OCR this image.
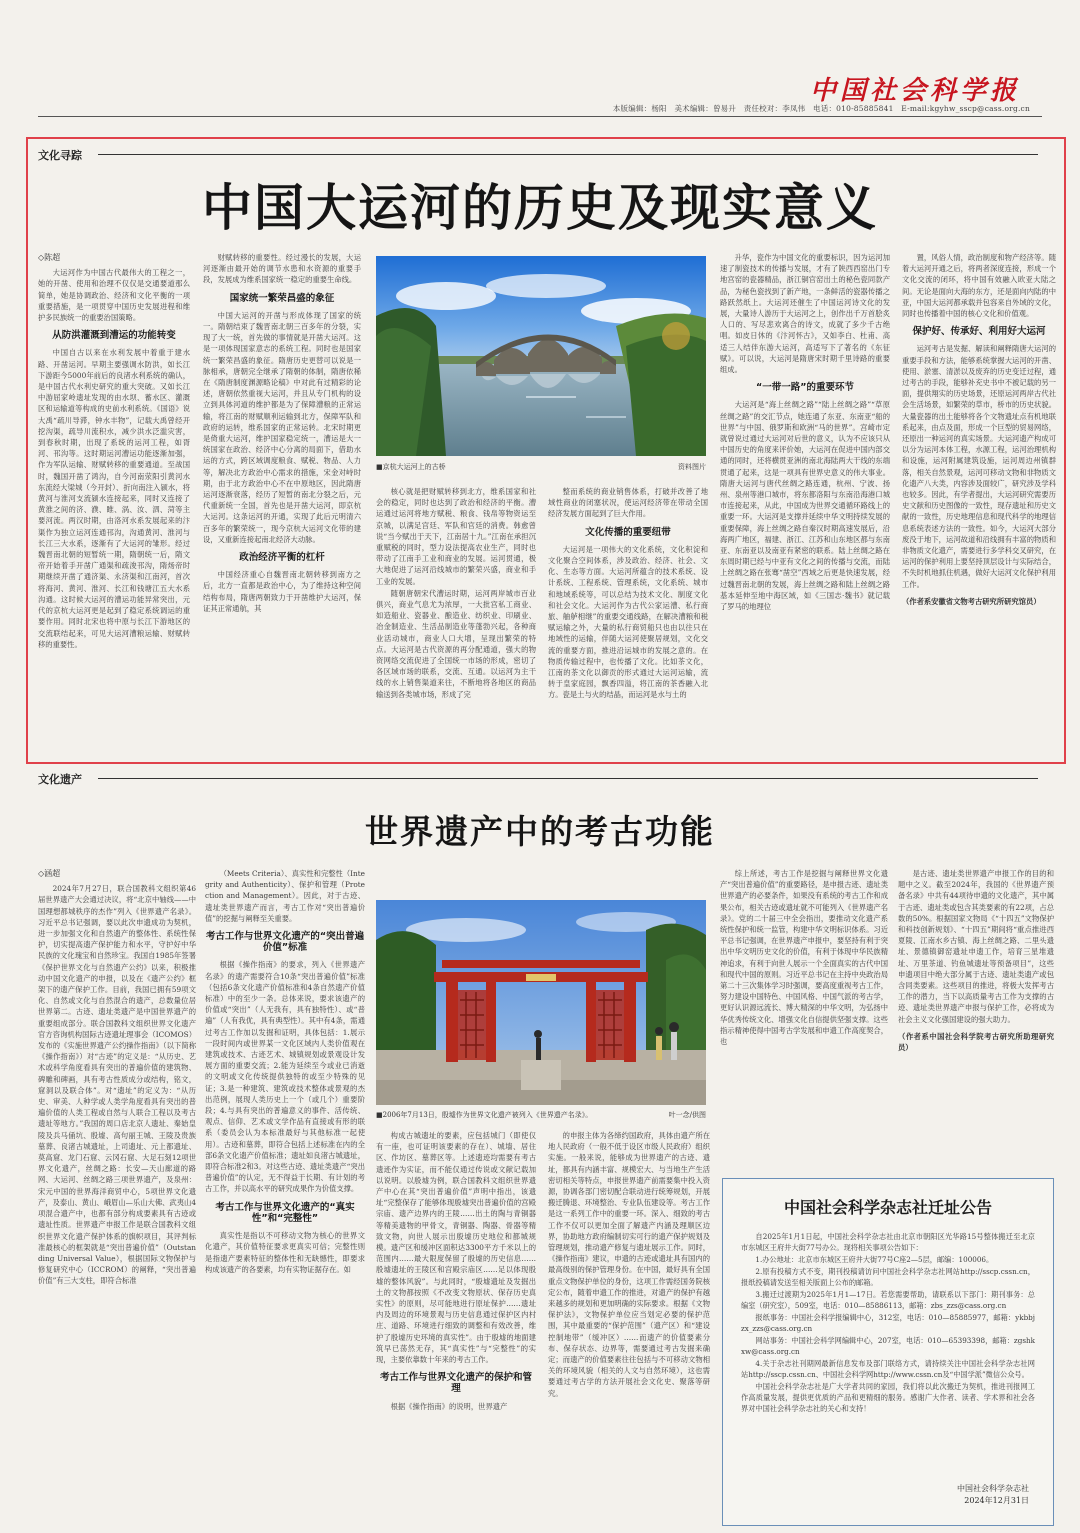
中国社会科学报
本版编辑：杨阳　美术编辑：曾易升　责任校对：李凤伟　电话：010-85885841　E-mail:kgyhw_sscp@cass.org.cn
文化寻踪
中国大运河的历史及现实意义
◇陈超

大运河作为中国古代最伟大的工程之一，她的开凿、使用和治理不仅仅是交通要道那么简单，她是协调政治、经济和文化平衡的一项重要措施，是一项贯穿中国历史发展进程和维护多民族统一的重要治国策略。

从防洪灌溉到漕运的功能转变

中国自古以来在水利发展中着重于建水路、开凿运河。早期主要强调水防洪，如长江下游距今5000年前后的良渚水利系统的确认，是中国古代水利史研究的重大突破。又如长江中游屈家岭遗址发现的由水坝、蓄水区、灌溉区和运输道等构成的史前水利系统。《国语》说大禹“疏川导滞，钟水丰物”，记载大禹曾经开挖沟渠，疏导川流积水，减少洪水泛滥灾害，到春秋时期，出现了系统的运河工程，如胥河、邗沟等。这时期运河漕运功能逐渐加强，作为军队运输、财赋转移的重要通道。至战国时，魏国开凿了鸿沟，自今河南荥阳引黄河水东流经大梁城（今开封）、折向南注入颍水，将黄河与淮河支流颍水连接起来，同时又连接了黄淮之间的济、濮、睢、涡、汝、泗、菏等主要河流。两汉时期，由洛河水系发展起来的汴渠作为独立运河连通邗沟，沟通黄河、淮河与长江三大水系，逐渐有了大运河的雏形。经过魏晋南北朝的短暂统一期，隋朝统一后，隋文帝开始着手开凿广通渠和疏浚邗沟，隋炀帝时期继续开凿了通济渠、永济渠和江南河，首次将海河、黄河、淮河、长江和钱塘江五大水系沟通。这时候大运河的漕运功能异常突出，元代的京杭大运河更是起到了稳定系统调运的重要作用。同时北宋也将中原与长江下游地区的交流联结起来，可见大运河漕粮运输、财赋转移的重要性。

财赋转移的重要性。经过漫长的发展，大运河逐渐由最开始的调节水患和水资源的重要手段，发展成为维系国家统一稳定的重要生命线。

国家统一繁荣昌盛的象征

中国大运河的开凿与形成体现了国家的统一。隋朝结束了魏晋南北朝三百多年的分裂，实现了大一统，首先做的事情就是开凿大运河。这是一项体现国家意志的系统工程。同时也是国家统一繁荣昌盛的象征。隋唐历史更替可以说是一脉相承，唐朝完全继承了隋朝的体制，隋唐依稀在《隋唐制度渊源略论稿》中对此有过精彩的论述，唐朝依然重视大运河，并且从专门机构的设立到具体河道的维护都是为了保障漕粮的正常运输，将江南的财赋顺利运输到北方，保障军队和政府的运转，维系国家的正常运转。北宋时期更是倚重大运河，维护国家稳定统一，漕运是大一统国家在政治、经济中心分离的局面下，借助水运的方式，跨区域调度粮食、赋税、物品、人力等，解决北方政治中心需求的措施，宋金对峙时期，由于北方政治中心不在中原地区，因此隋唐运河逐渐衰落，经历了短暂的南北分裂之后，元代重新统一全国，首先也是开凿大运河，即京杭大运河。这条运河的开通，实现了此后元明清六百多年的繁荣统一，现今京杭大运河文化带的建设，又重新连接起南北经济大动脉。

政治经济平衡的杠杆

中国经济重心自魏晋南北朝转移到南方之后，北方一直都是政治中心，为了维持这种空间结构布局，隋唐两朝致力于开凿维护大运河，保证其正常通航，其

■京杭大运河上的古桥	资料图片

核心就是把财赋转移到北方，维系国家和社会的稳定，同时也达到了政治和经济的平衡。漕运通过运河将地方赋税、粮食、钱帛等物资运至京城，以满足宫廷、军队和官廷的消费。韩愈曾说“当今赋出于天下，江南居十九。”江南在承担沉重赋税的同时，型力设法提高农业生产，同时也带动了江南手工业和商业的发展。运河贯通，极大地促进了运河沿线城市的繁荣兴盛，商业和手工业的发展。

随朝唐朝宋代漕运时期，运河两岸城市百业俱兴，商业气息尤为浓厚，一大批宫私工商业、如造船业、瓷器业、酿造业、纺织业、印刷业、冶金制造业、生活品制造业等蓬勃兴起，各种商业活动城市，商业人口大增，呈现出繁荣的特点。大运河是古代资源的再分配通道，强大的物资网络交流促进了全国统一市场的形成，密切了各区域市场的联系，交流、互通。以运河为主干线的水上销售渠道来往，不断地将各地区的商品输送到各类城市场，形成了完

整而系统的商业销售体系，打破并改善了地域性商业的闭塞状况，使运河经济带在带动全国经济发展方面起到了巨大作用。

文化传播的重要纽带

大运河是一项伟大的文化系统，文化积淀和文化聚合空间体系，涉及政治、经济、社会、文化、生态等方面。大运河所蕴含的技术系统、设计系统、工程系统、管理系统，文化系统、城市和地域系统等，可以总结为技术文化、制度文化和社会文化。大运河作为古代公家运漕、私行商旅、舳舻相继”的重要交通线路，在解决漕粮和税赋运输之外，大量的私行商贸船只也由以往只在地域性的运输，伴随大运河使聚居规划，文化交流的重要方面，推进沿运城市的发展之意的。在物质传输过程中，也传播了文化。比如茶文化，江南的茶文化以御贡的形式通过大运河运输，流转于皇家庭园，飘香四溢，将江南的茶香融入北方。瓷是土与火的结晶，而运河是水与土的

升华，瓷作为中国文化的重要标识，因为运河加速了制瓷技术的传播与发展，才有了陕西西窑出门专地宫窑的瓷器精品，浙江铜官窑出土的秘色瓷同款产品，为秘色瓷找到了新产地，一条鲜活的瓷器传播之路跃然纸上。大运河还催生了中国运河诗文化的发展，大量诗人游历于大运河之上，创作出千万首脍炙人口的、写尽悲欢离合的诗文，成就了多少千古绝唱。如皮日休的《汴河怀古》，又如李白、杜甫、高适三人结伴东游大运河，高适写下了著名的《东征赋》。可以说，大运河是隋唐宋时期千里诗路的重要组成。

“一带一路”的重要环节

大运河是“海上丝绸之路”“陆上丝绸之路”“草原丝绸之路”的交汇节点，她连通了东亚、东南亚“船的世界”与中国、俄罗斯和欧洲“马的世界”。宫崎市定就曾说过通过大运河对后世的意义，认为不应该只从中国历史的角度来评价她，大运河在促进中国内部交通的同时，还将横贯亚洲的南北海陆两大干线的东端贯通了起来，这是一项具有世界史意义的伟大事业。隋唐大运河与唐代丝绸之路连通，杭州、宁波、扬州、泉州等港口城市，将东都洛阳与东南沿海港口城市连接起来，从此，中国成为世界交通循环路线上的重要一环。大运河是支撑并延续中华文明持续发展的重要保障，海上丝绸之路自秦汉时期高速发展后，沿海两广地区，福建、浙江、江苏和山东地区都与东南亚、东南亚以及南亚有紧密的联系。陆上丝绸之路在东周时期已经与中亚有文化之间的传播与交流，而陆上丝绸之路在张骞“凿空”西域之后更是快速发展，经过魏晋南北朝的发展，海上丝绸之路和陆上丝绸之路基本延伸至地中海区域，如《三国志·魏书》就记载了罗马的地理位

置，风俗人情，政治制度和物产经济等。随着大运河开通之后，将两者深度连接，形成一个文化交流的闭环，将中国有效融入欧亚大陆之间。无论是面向大海的东方，还是面向内陆的中亚，中国大运河都承载并包容来自外域的文化，同时也传播着中国的核心文化和价值观。

保护好、传承好、利用好大运河

运河考古是发掘、解读和阐释隋唐大运河的重要手段和方法，能够系统掌握大运河的开凿、使用、淤塞、清淤以及废弃的历史变迁过程，通过考古的手段，能够补充史书中不被记载的另一面，提供翔实的历史场景，还原运河两岸古代社会生活场景，如繁荣的草市，桥市的历史状貌。大量瓷器的出土能够将各个文物遗址点有机地联系起来，由点及面，形成一个巨型的贸易网络，还原出一种运河的真实场景。大运河遗产构成可以分为运河本体工程，水源工程，运河治理机构和设施，运河附属建筑设施，运河周边州镇群落，相关自然景观，运河可移动文物和非物质文化遗产八大类，内容涉及面较广，研究涉及学科也较多。因此，有学者提出，大运河研究需要历史文献和历史图像的一致性，现存遗址和历史文献的一致性，历史地理信息和现代科学的地理信息系统表述方法的一致性。如今，大运河大部分废没于地下，运河故道和沿线拥有丰富的物质和非物质文化遗产，需要进行多学科交叉研究，在运河的保护利用上要坚持顶层设计与实际结合，不失时机地抓住机遇，做好大运河文化保护利用工作。

（作者系安徽省文物考古研究所研究馆员）
文化遗产
世界遗产中的考古功能
◇涵超

2024年7月27日，联合国教科文组织第46届世界遗产大会通过决议，将“北京中轴线——中国理想都城秩序的杰作”列入《世界遗产名录》。习近平总书记强调，要以此次申遗成功为契机，进一步加强文化和自然遗产的整体性、系统性保护，切实提高遗产保护能力和水平，守护好中华民族的文化瑰宝和自然珍宝。我国自1985年签署《保护世界文化与自然遗产公约》以来，积极推动中国文化遗产的申报，以及在《遗产公约》框架下的遗产保护工作。目前，我国已拥有59项文化、自然或文化与自然混合的遗产，总数量位居世界第二。古迹、遗址类遗产是中国世界遗产的重要组成部分。联合国教科文组织世界文化遗产官方咨询机构国际古迹遗址理事会（ICOMOS）发布的《实施世界遗产公约操作指南》（以下简称《操作指南》）对“古迹”的定义是：“从历史、艺术或科学角度看具有突出的普遍价值的建筑物、碑雕和碑画，具有考古性质成分或结构，铭文，窟洞以及联合体”。对“遗址”的定义为：“从历史、审美、人种学或人类学角度看具有突出的普遍价值的人类工程或自然与人联合工程以及考古遗址等地方。”我国的周口店北京人遗址、秦始皇陵及兵马俑坑、殷墟、高句丽王城、王陵及贵族墓葬、良渚古城遗址，上司遗址、元上都遗址、莫高窟、龙门石窟、云冈石窟、大足石刻12项世界文化遗产，丝绸之路：长安—天山廊道的路网、大运河、丝绸之路三项世界遗产，及泉州：宋元中国的世界海洋商贸中心，5项世界文化遗产，及泰山、黄山、峨眉山—乐山大佛、武夷山4项混合遗产中，也都有部分构成要素具有古迹或遗址性质。世界遗产申报工作是联合国教科文组织世界文化遗产保护体系的旗帜项目，其评判标准最核心的框架就是“突出普遍价值”（Outstanding Universal Value），根据国际文物保护与修复研究中心（ICCROM）的阐释，“突出普遍价值”有三大支柱，即符合标准

（Meets Criteria）、真实性和完整性（Integrity and Authenticity）、保护和管理（Protection and Management）。因此，对于古迹、遗址类世界遗产而言，考古工作对“突出普遍价值”的挖掘与阐释至关重要。

考古工作与世界文化遗产的“突出普遍价值”标准

根据《操作指南》的要求，列入《世界遗产名录》的遗产需要符合10条“突出普遍价值”标准（包括6条文化遗产价值标准和4条自然遗产价值标准）中的至少一条。总体来说，要求该遗产的价值或“突出”（人无我有，具有独特性）、或“普遍”（人有我优，具有典型性）。其中有4条，需通过考古工作加以发掘和证明，具体包括：1.展示一段时间内或世界某一文化区域内人类价值观在建筑或技术、古迹艺术、城镇规划或景观设计发展方面的重要交流；2.能为延续至今或业已消逝的文明或文化传统提供独特的或至少特殊的见证；3.是一种建筑、建筑或技术整体或景观的杰出范例，展现人类历史上一个（或几个）重要阶段；4.与具有突出的普遍意义的事件、活传统、观点、信仰、艺术或文学作品有直接或有形的联系（委员会认为本标准最好与其他标准一起使用）。古迹和墓葬，即符合包括上述标准在内的全部6条文化遗产价值标准；遗址如良渚古城遗址，即符合标准2和3。对这些古迹、遗址类遗产“突出普遍价值”的认定，无不得益于长期、有计划的考古工作，并以高水平的研究成果作为价值支撑。

考古工作与世界文化遗产的“真实性”和“完整性”

真实性是指以不可移动文物为核心的世界文化遗产，其价值特征要求更真实可信；完整性则是指遗产要素特征的整体性和无缺憾性，即要求构成该遗产的各要素，均有实物证据存在。如

■2006年7月13日，殷墟作为世界文化遗产被列入《世界遗产名录》。	叶一念/供图

构成古城遗址的要素，应包括城门（即使仅有一座，也可证明该要素的存在）、城墙、居住区、作坊区、墓葬区等。上述遗迹均需要有考古遗迹作为实证，而不能仅通过传说或文献记载加以说明。以殷墟为例，联合国教科文组织世界遗产中心在其“突出普遍价值”声明中指出，该遗址“完整保存了能够体现殷墟突出普遍价值的宫殿宗庙、遗产边界内的王陵……出土的陶与青铜器等精美遗物的甲骨文，青铜器、陶器、骨器等精致文物，向世人展示出殷墟历史地位和都城规模。遗产区和缓冲区面积达3300平方千米以上的范围内……最大限度保留了殷墟的历史信息……殷墟遗址的王陵区和宫殿宗庙区……足以体现殷墟的整体风貌”。与此同时，“殷墟遗址及发掘出土的文物都按照《不改变文物原状、保存历史真实性》的原则，尽可能地进行原址保护……遗址内及周边的环境景观与历史信息通过保护区内村庄、道路、环境进行细致的调整和有效改善，维护了殷墟历史环境的真实性”。由于殷墟的地面建筑早已荡然无存，其“真实性”与“完整性”的实现，主要依靠数十年来的考古工作。

考古工作与世界文化遗产的保护和管理

根据《操作指南》的说明，世界遗产

的申报主体为各缔约国政府，具体由遗产所在地人民政府（一般不低于设区市级人民政府）组织实施。一般来说，能够成为世界遗产的古迹、遗址，都具有内涵丰富、规模宏大、与当地生产生活密切相关等特点，申报世界遗产前需要集中投入资源，协调各部门密切配合联动进行统筹规划，开展搬迁腾退、环境整治、专业队伍建设等。考古工作是这一系列工作中的重要一环。深入、细致的考古工作不仅可以更加全面了解遗产内涵及理顺区边界，协助地方政府编制切实可行的遗产保护规划及管理规划，推动遗产修复与遗址展示工作。同时，《操作指南》建议，申遗的古迹或遗址具有国内的最高级别的保护管理身份。在中国，最好具有全国重点文物保护单位的身份，这项工作需经国务院核定公布，随着申遗工作的推进，对遗产的保护有越来越多的规划和更加明确的实际要求。根据《文物保护法》，文物保护单位应当划定必要的保护范围，其中最重要的“保护范围”（遗产区）和“建设控制地带”（缓冲区）……而遗产的价值要素分布、保存状态、边界等，需要通过考古发掘来确定；而遗产的价值要素往往包括与不可移动文物相关的环境风貌（相关的人文与自然环境），这也需要通过考古学的方法开展社会文化史、聚落等研究。

综上所述，考古工作是挖掘与阐释世界文化遗产“突出普遍价值”的重要路径，是申报古迹、遗址类世界遗产的必要条件，如果没有系统的考古工作和成果公布，相关古迹或遗址就不可能列入《世界遗产名录》。党的二十届三中全会指出，要推动文化遗产系统性保护和统一监管，构建中华文明标识体系。习近平总书记强调，在世界遗产申报中，要坚持有利于突出中华文明历史文化的价值，有利于体现中华民族精神追求，有利于向世人展示一个全面真实的古代中国和现代中国的原则。习近平总书记在主持中央政治局第二十三次集体学习时强调，要高度重视考古工作，努力建设中国特色、中国风格、中国气派的考古学，更好认识源远流长、博大精深的中华文明，为弘扬中华优秀传统文化、增强文化自信提供坚强支撑。这些指示精神使得中国考古学发展和申遗工作高度契合，也

是古迹、遗址类世界遗产申报工作的目的和题中之义。截至2024年，我国的《世界遗产预备名录》中共有44项待申遗的文化遗产，其中属于古迹、遗址类或包含其类要素的有22项，占总数的50%。根据国家文物局《“十四五”文物保护和科技创新规划》、“十四五”期间将“重点推进西夏陵、江南水乡古镇、海上丝绸之路、二里头遗址、景德镇御窑遗址申遗工作，培育三星堆遗址、万里茶道、钓鱼城遗址等预备项目”，这些申遗项目中绝大部分属于古迹、遗址类遗产或包含同类要素。这些项目的推进，将极大发挥考古工作的潜力，当下以高质量考古工作为支撑的古迹、遗址类世界遗产申报与保护工作，必将成为社会主义文化强国建设的强大助力。

（作者系中国社会科学院考古研究所助理研究员）
中国社会科学杂志社迁址公告

自2025年1月1日起，中国社会科学杂志社由北京市朝阳区光华路15号整体搬迁至北京市东城区王府井大街77号办公。现将相关事项公告如下：

1.办公地址：北京市东城区王府井大街77号C座2—5层，邮编：100006。

2.原有投稿方式不变，期刊投稿请访问中国社会科学杂志社网站http://sscp.cssn.cn，报纸投稿请发送至相关版面上公布的邮箱。

3.搬迁过渡期为2025年1月1—17日。若您需要帮助，请联系以下部门：期刊事务：总编室（研究室），509室，电话：010—85886113，邮箱：zbs_zzs@cass.org.cn

报纸事务：中国社会科学报编辑中心，312室，电话：010—85885977，邮箱：ykbbjzx_zzs@cass.org.cn

网站事务：中国社会科学网编辑中心，207室，电话：010—65393398，邮箱：zgshkxw@cass.org.cn

4.关于杂志社刊期网最新信息发布及部门联络方式，请持续关注中国社会科学杂志社网站http://sscp.cssn.cn、中国社会科学网http://www.cssn.cn及“中国学派”微信公众号。

中国社会科学杂志社是广大学者共同的家园，我们将以此次搬迁为契机，推进刊报网工作高质量发展，提供更优质的产品和更精细的服务。感谢广大作者、读者、学术界和社会各界对中国社会科学杂志社的关心和支持！

中国社会科学杂志社
2024年12月31日
